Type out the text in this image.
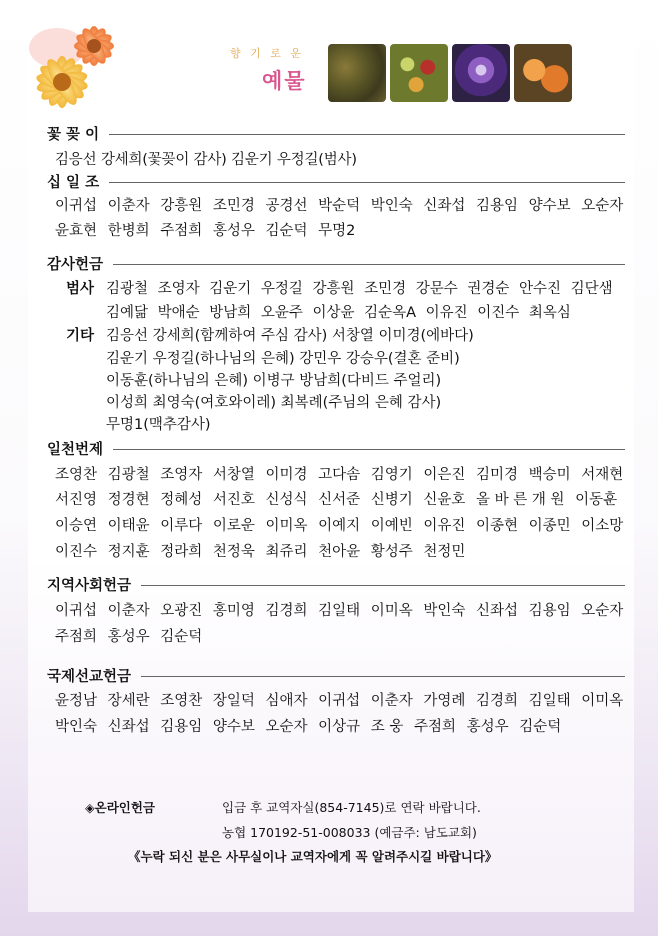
향 기 로 운
예물
꽃 꽂 이
김응선 강세희(꽃꽂이 감사) 김운기 우정길(범사)
십 일 조
이귀섭 이춘자 강흥원 조민경 공경선 박순덕 박인숙 신좌섭 김용임 양수보 오순자
윤효현 한병희 주점희 홍성우 김순덕 무명2
감사헌금
범사 김광철 조영자 김운기 우정길 강흥원 조민경 강문수 권경순 안수진 김단샘
김예닮 박애순 방남희 오윤주 이상윤 김순옥A 이유진 이진수 최옥심
기타 김응선 강세희(함께하여 주심 감사) 서창열 이미경(에바다)
김운기 우정길(하나님의 은혜) 강민우 강승우(결혼 준비)
이동훈(하나님의 은혜) 이병구 방남희(다비드 주얼리)
이성희 최영숙(여호와이레) 최복례(주님의 은혜 감사)
무명1(맥추감사)
일천번제
조영찬 김광철 조영자 서창열 이미경 고다솜 김영기 이은진 김미경 백승미 서재현
서진영 정경현 정혜성 서진호 신성식 신서준 신병기 신윤호 올 바 른 개 원 이동훈
이승연 이태윤 이루다 이로운 이미옥 이예지 이예빈 이유진 이종현 이종민 이소망
이진수 정지훈 정라희 천정욱 최쥬리 천아윤 황성주 천정민
지역사회헌금
이귀섭 이춘자 오광진 홍미영 김경희 김일태 이미옥 박인숙 신좌섭 김용임 오순자
주점희 홍성우 김순덕
국제선교헌금
윤정남 장세란 조영찬 장일덕 심애자 이귀섭 이춘자 가영례 김경희 김일태 이미옥
박인숙 신좌섭 김용임 양수보 오순자 이상규 조 웅 주점희 홍성우 김순덕
◈온라인헌금	입금 후 교역자실(854-7145)로 연락 바랍니다.
농협 170192-51-008033 (예금주: 남도교회)
《누락 되신 분은 사무실이나 교역자에게 꼭 알려주시길 바랍니다》
